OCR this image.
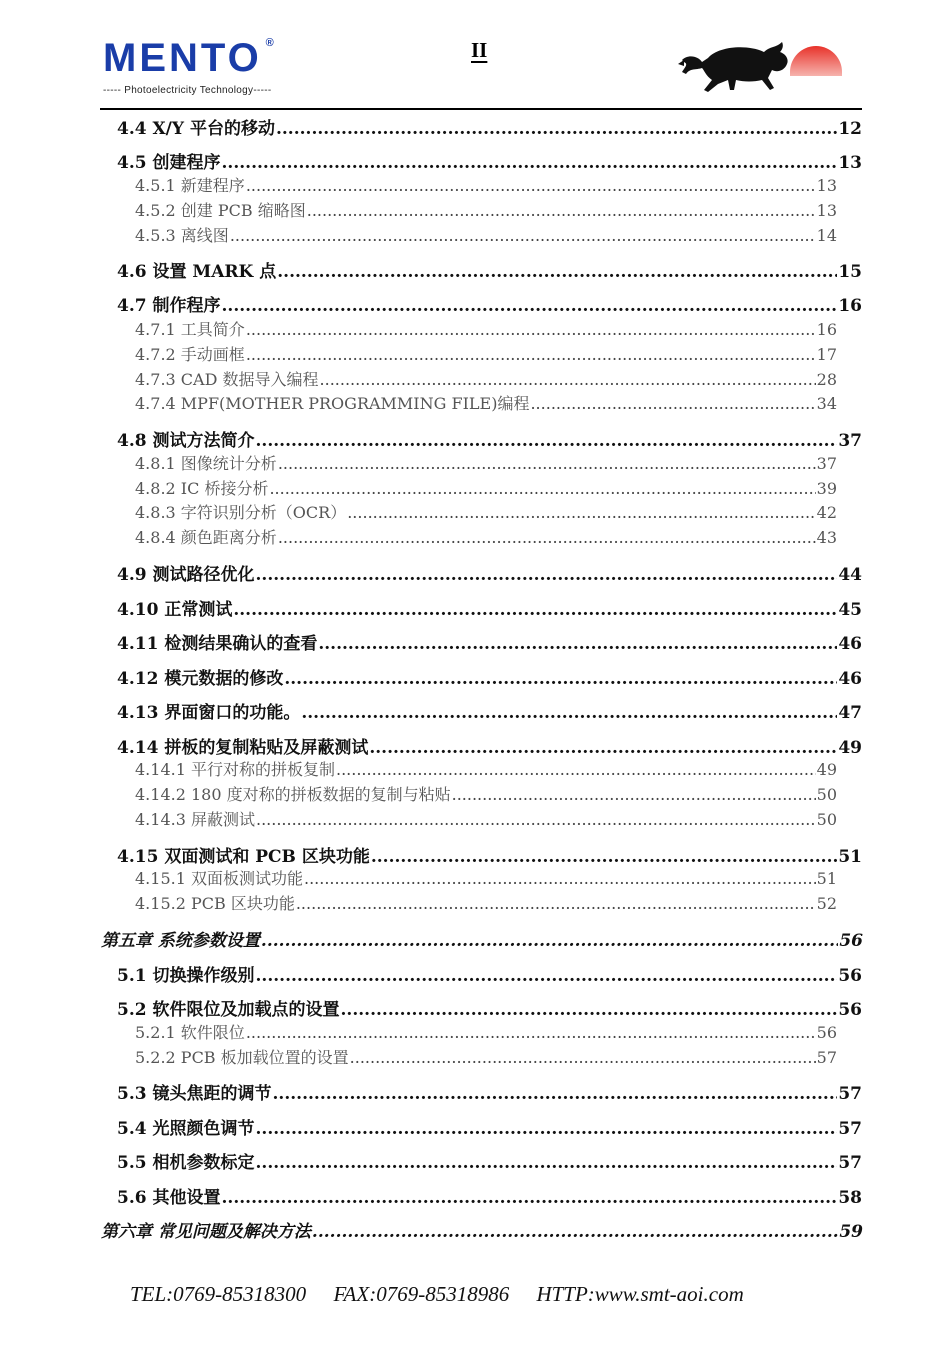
MENTO ®
----- Photoelectricity Technology-----
II
4.4 X/Y 平台的移动 .....	12
4.5 创建程序 .....	13
4.5.1 新建程序 .....	13
4.5.2 创建 PCB 缩略图 .....	13
4.5.3 离线图 .....	14
4.6 设置 MARK 点 .....	15
4.7 制作程序 .....	16
4.7.1 工具简介 .....	16
4.7.2 手动画框 .....	17
4.7.3 CAD 数据导入编程 .....	28
4.7.4 MPF(MOTHER PROGRAMMING FILE)编程 .....	34
4.8 测试方法简介 .....	37
4.8.1 图像统计分析 .....	37
4.8.2 IC 桥接分析 .....	39
4.8.3 字符识别分析（OCR） .....	42
4.8.4 颜色距离分析 .....	43
4.9 测试路径优化 .....	44
4.10 正常测试 .....	45
4.11 检测结果确认的查看 .....	46
4.12 模元数据的修改 .....	46
4.13 界面窗口的功能。 .....	47
4.14 拼板的复制粘贴及屏蔽测试 .....	49
4.14.1 平行对称的拼板复制 .....	49
4.14.2 180 度对称的拼板数据的复制与粘贴 .....	50
4.14.3 屏蔽测试 .....	50
4.15 双面测试和 PCB 区块功能 .....	51
4.15.1 双面板测试功能 .....	51
4.15.2 PCB 区块功能 .....	52
第五章 系统参数设置 .....	56
5.1 切换操作级别 .....	56
5.2 软件限位及加载点的设置 .....	56
5.2.1 软件限位 .....	56
5.2.2 PCB 板加载位置的设置 .....	57
5.3 镜头焦距的调节 .....	57
5.4 光照颜色调节 .....	57
5.5 相机参数标定 .....	57
5.6 其他设置 .....	58
第六章 常见问题及解决方法 .....	59
TEL:0769-85318300 FAX:0769-85318986 HTTP:www.smt-aoi.com
